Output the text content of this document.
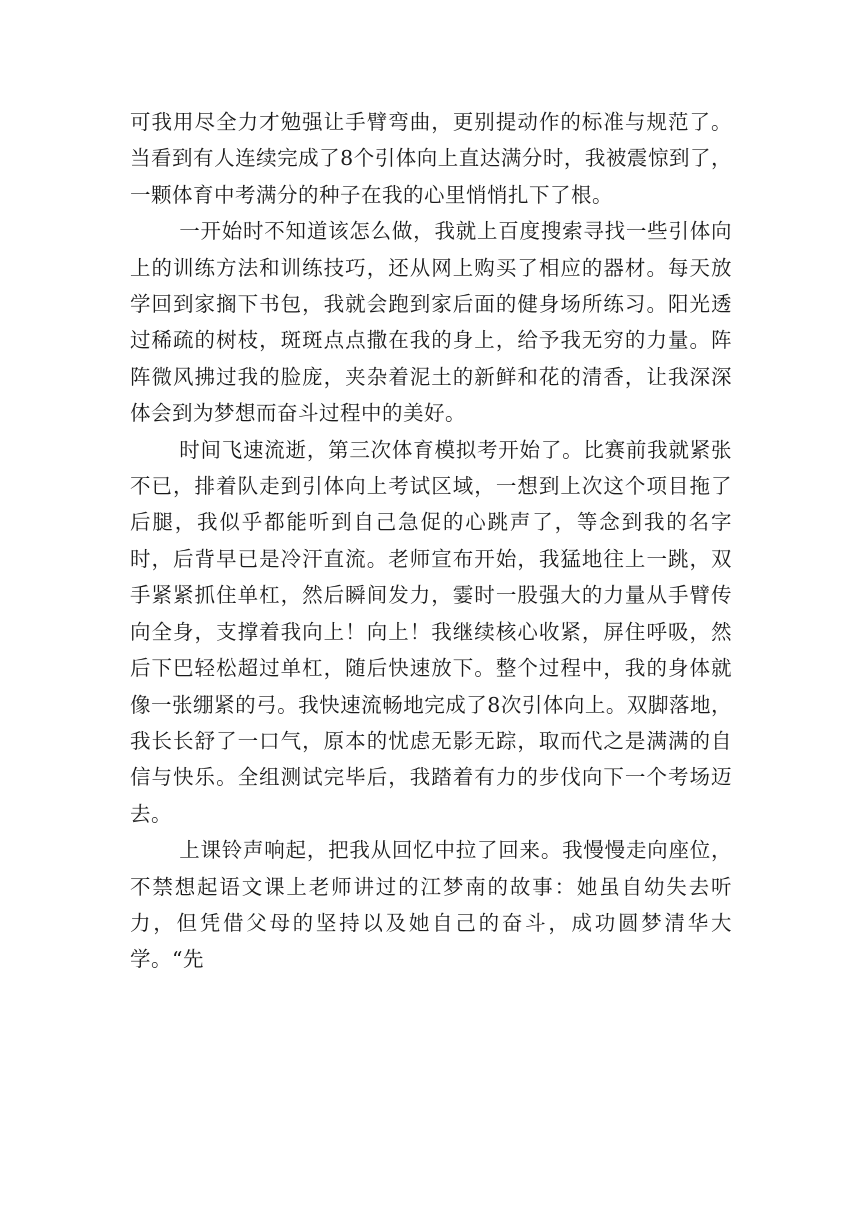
可我用尽全力才勉强让手臂弯曲，更别提动作的标准与规范了。当看到有人连续完成了8个引体向上直达满分时，我被震惊到了，一颗体育中考满分的种子在我的心里悄悄扎下了根。

一开始时不知道该怎么做，我就上百度搜索寻找一些引体向上的训练方法和训练技巧，还从网上购买了相应的器材。每天放学回到家搁下书包，我就会跑到家后面的健身场所练习。阳光透过稀疏的树枝，斑斑点点撒在我的身上，给予我无穷的力量。阵阵微风拂过我的脸庞，夹杂着泥土的新鲜和花的清香，让我深深体会到为梦想而奋斗过程中的美好。

时间飞速流逝，第三次体育模拟考开始了。比赛前我就紧张不已，排着队走到引体向上考试区域，一想到上次这个项目拖了后腿，我似乎都能听到自己急促的心跳声了，等念到我的名字时，后背早已是冷汗直流。老师宣布开始，我猛地往上一跳，双手紧紧抓住单杠，然后瞬间发力，霎时一股强大的力量从手臂传向全身，支撑着我向上！向上！我继续核心收紧，屏住呼吸，然后下巴轻松超过单杠，随后快速放下。整个过程中，我的身体就像一张绷紧的弓。我快速流畅地完成了8次引体向上。双脚落地，我长长舒了一口气，原本的忧虑无影无踪，取而代之是满满的自信与快乐。全组测试完毕后，我踏着有力的步伐向下一个考场迈去。

上课铃声响起，把我从回忆中拉了回来。我慢慢走向座位，不禁想起语文课上老师讲过的江梦南的故事：她虽自幼失去听力，但凭借父母的坚持以及她自己的奋斗，成功圆梦清华大学。“先
